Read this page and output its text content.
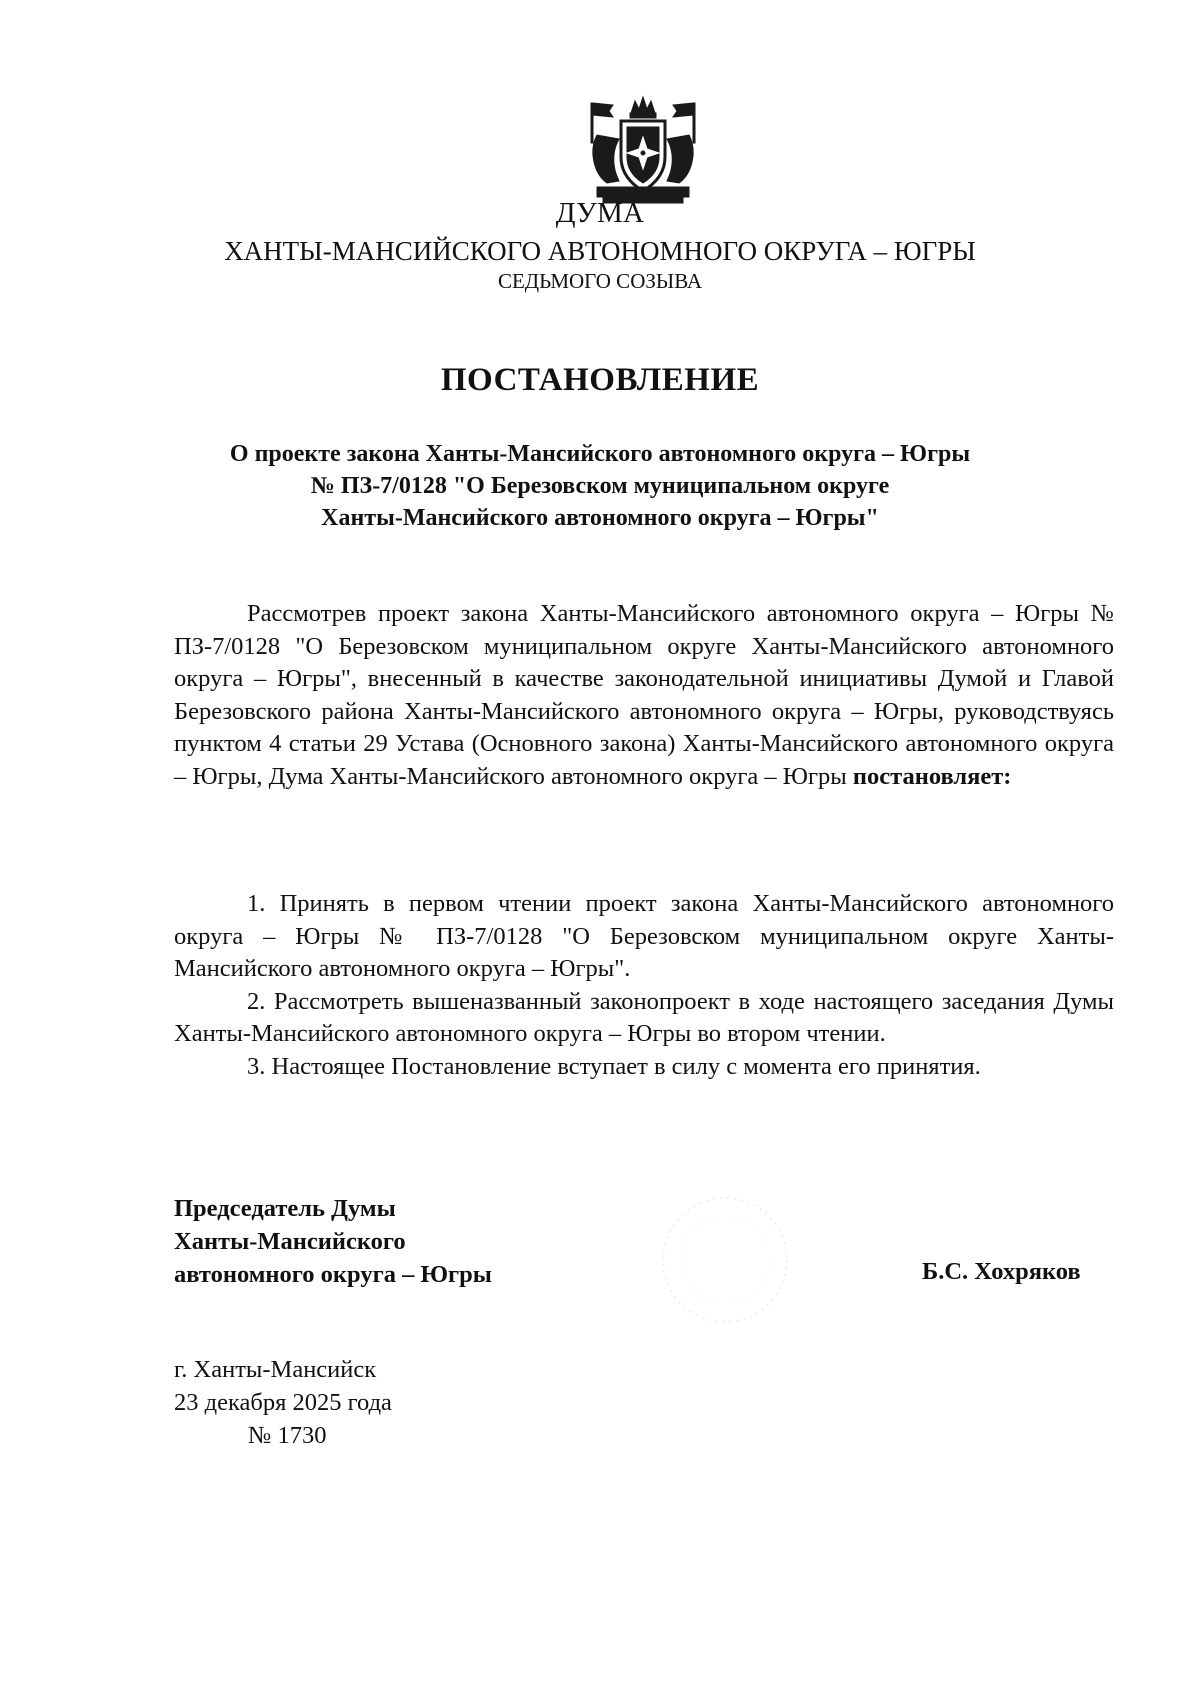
ДУМА
ХАНТЫ-МАНСИЙСКОГО АВТОНОМНОГО ОКРУГА – ЮГРЫ
СЕДЬМОГО СОЗЫВА
ПОСТАНОВЛЕНИЕ
О проекте закона Ханты-Мансийского автономного округа – Югры
№ ПЗ-7/0128 "О Березовском муниципальном округе
Ханты-Мансийского автономного округа – Югры"
Рассмотрев проект закона Ханты-Мансийского автономного округа – Югры № ПЗ-7/0128 "О Березовском муниципальном округе Ханты-Мансийского автономного округа – Югры", внесенный в качестве законодательной инициативы Думой и Главой Березовского района Ханты-Мансийского автономного округа – Югры, руководствуясь пунктом 4 статьи 29 Устава (Основного закона) Ханты-Мансийского автономного округа – Югры, Дума Ханты-Мансийского автономного округа – Югры постановляет:

1. Принять в первом чтении проект закона Ханты-Мансийского автономного округа – Югры № ПЗ-7/0128 "О Березовском муниципальном округе Ханты-Мансийского автономного округа – Югры".

2. Рассмотреть вышеназванный законопроект в ходе настоящего заседания Думы Ханты-Мансийского автономного округа – Югры во втором чтении.

3. Настоящее Постановление вступает в силу с момента его принятия.

Председатель Думы
Ханты-Мансийского
автономного округа – Югры	Б.С. Хохряков
г. Ханты-Мансийск
23 декабря 2025 года
№ 1730
